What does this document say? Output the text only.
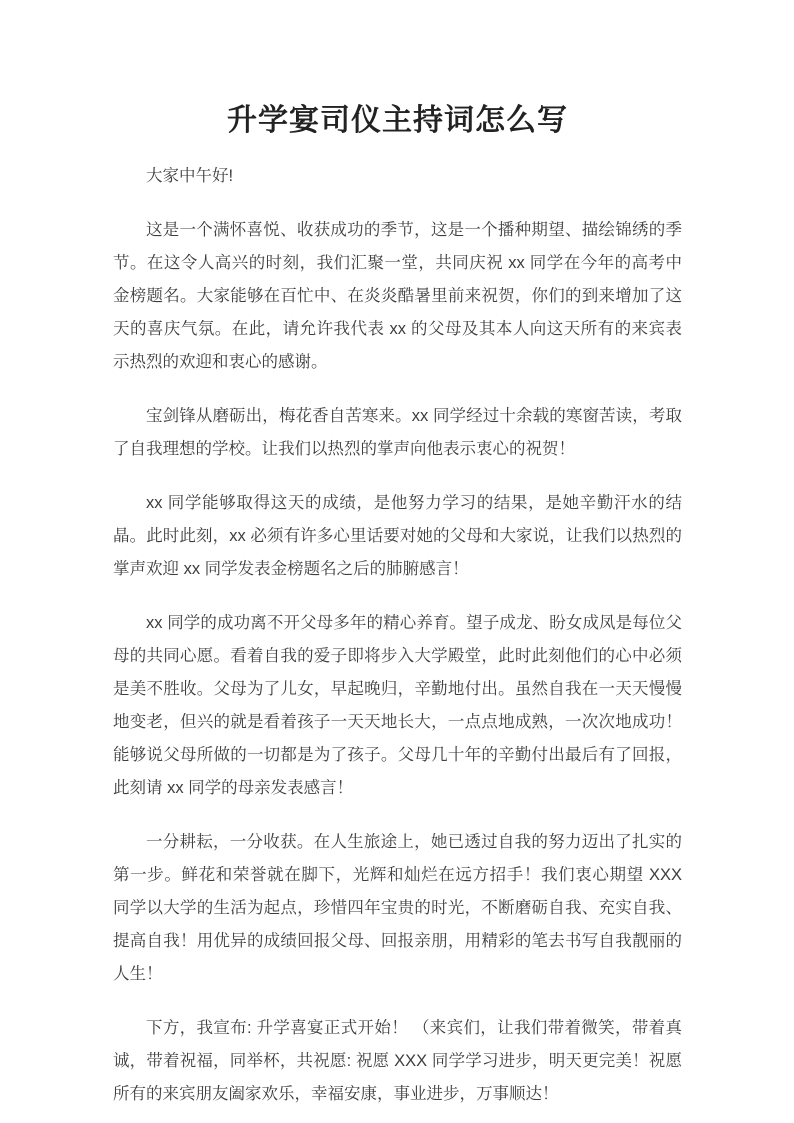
升学宴司仪主持词怎么写

大家中午好!

这是一个满怀喜悦、收获成功的季节，这是一个播种期望、描绘锦绣的季节。在这令人高兴的时刻，我们汇聚一堂，共同庆祝 xx 同学在今年的高考中金榜题名。大家能够在百忙中、在炎炎酷暑里前来祝贺，你们的到来增加了这天的喜庆气氛。在此，请允许我代表 xx 的父母及其本人向这天所有的来宾表示热烈的欢迎和衷心的感谢。

宝剑锋从磨砺出，梅花香自苦寒来。xx 同学经过十余载的寒窗苦读，考取了自我理想的学校。让我们以热烈的掌声向他表示衷心的祝贺！

xx 同学能够取得这天的成绩，是他努力学习的结果，是她辛勤汗水的结晶。此时此刻，xx 必须有许多心里话要对她的父母和大家说，让我们以热烈的掌声欢迎 xx 同学发表金榜题名之后的肺腑感言！

xx 同学的成功离不开父母多年的精心养育。望子成龙、盼女成凤是每位父母的共同心愿。看着自我的爱子即将步入大学殿堂，此时此刻他们的心中必须是美不胜收。父母为了儿女，早起晚归，辛勤地付出。虽然自我在一天天慢慢地变老，但兴的就是看着孩子一天天地长大，一点点地成熟，一次次地成功！能够说父母所做的一切都是为了孩子。父母几十年的辛勤付出最后有了回报，此刻请 xx 同学的母亲发表感言！

一分耕耘，一分收获。在人生旅途上，她已透过自我的努力迈出了扎实的第一步。鲜花和荣誉就在脚下，光辉和灿烂在远方招手！我们衷心期望 XXX 同学以大学的生活为起点，珍惜四年宝贵的时光，不断磨砺自我、充实自我、提高自我！用优异的成绩回报父母、回报亲朋，用精彩的笔去书写自我靓丽的人生！

下方，我宣布: 升学喜宴正式开始！ （来宾们，让我们带着微笑，带着真诚，带着祝福，同举杯，共祝愿: 祝愿 XXX 同学学习进步，明天更完美！祝愿所有的来宾朋友阖家欢乐，幸福安康，事业进步，万事顺达！
